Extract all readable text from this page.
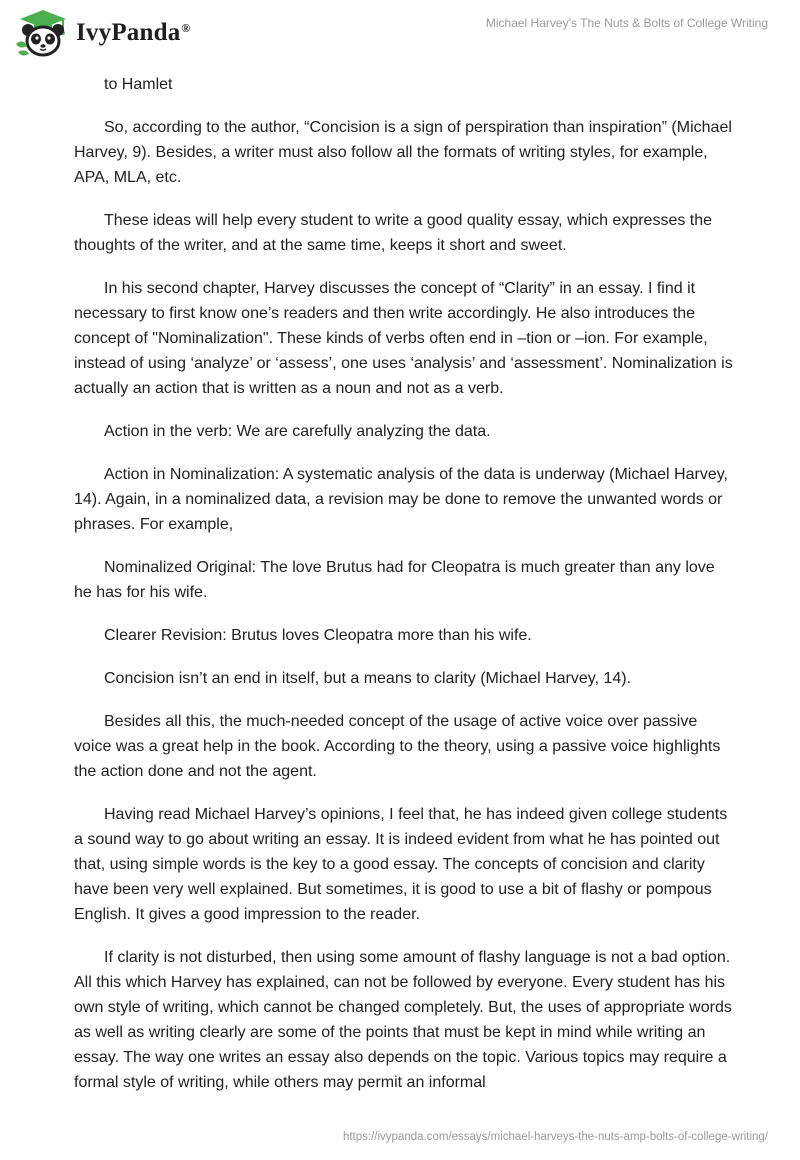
IvyPanda®	Michael Harvey’s The Nuts & Bolts of College Writing

to Hamlet

So, according to the author, “Concision is a sign of perspiration than inspiration” (Michael Harvey, 9). Besides, a writer must also follow all the formats of writing styles, for example, APA, MLA, etc.

These ideas will help every student to write a good quality essay, which expresses the thoughts of the writer, and at the same time, keeps it short and sweet.

In his second chapter, Harvey discusses the concept of “Clarity” in an essay. I find it necessary to first know one’s readers and then write accordingly. He also introduces the concept of "Nominalization". These kinds of verbs often end in –tion or –ion. For example, instead of using ‘analyze’ or ‘assess’, one uses ‘analysis’ and ‘assessment’. Nominalization is actually an action that is written as a noun and not as a verb.

Action in the verb: We are carefully analyzing the data.

Action in Nominalization: A systematic analysis of the data is underway (Michael Harvey, 14). Again, in a nominalized data, a revision may be done to remove the unwanted words or phrases. For example,

Nominalized Original: The love Brutus had for Cleopatra is much greater than any love he has for his wife.

Clearer Revision: Brutus loves Cleopatra more than his wife.

Concision isn’t an end in itself, but a means to clarity (Michael Harvey, 14).

Besides all this, the much-needed concept of the usage of active voice over passive voice was a great help in the book. According to the theory, using a passive voice highlights the action done and not the agent.

Having read Michael Harvey’s opinions, I feel that, he has indeed given college students a sound way to go about writing an essay. It is indeed evident from what he has pointed out that, using simple words is the key to a good essay. The concepts of concision and clarity have been very well explained. But sometimes, it is good to use a bit of flashy or pompous English. It gives a good impression to the reader.

If clarity is not disturbed, then using some amount of flashy language is not a bad option. All this which Harvey has explained, can not be followed by everyone. Every student has his own style of writing, which cannot be changed completely. But, the uses of appropriate words as well as writing clearly are some of the points that must be kept in mind while writing an essay. The way one writes an essay also depends on the topic. Various topics may require a formal style of writing, while others may permit an informal

https://ivypanda.com/essays/michael-harveys-the-nuts-amp-bolts-of-college-writing/
